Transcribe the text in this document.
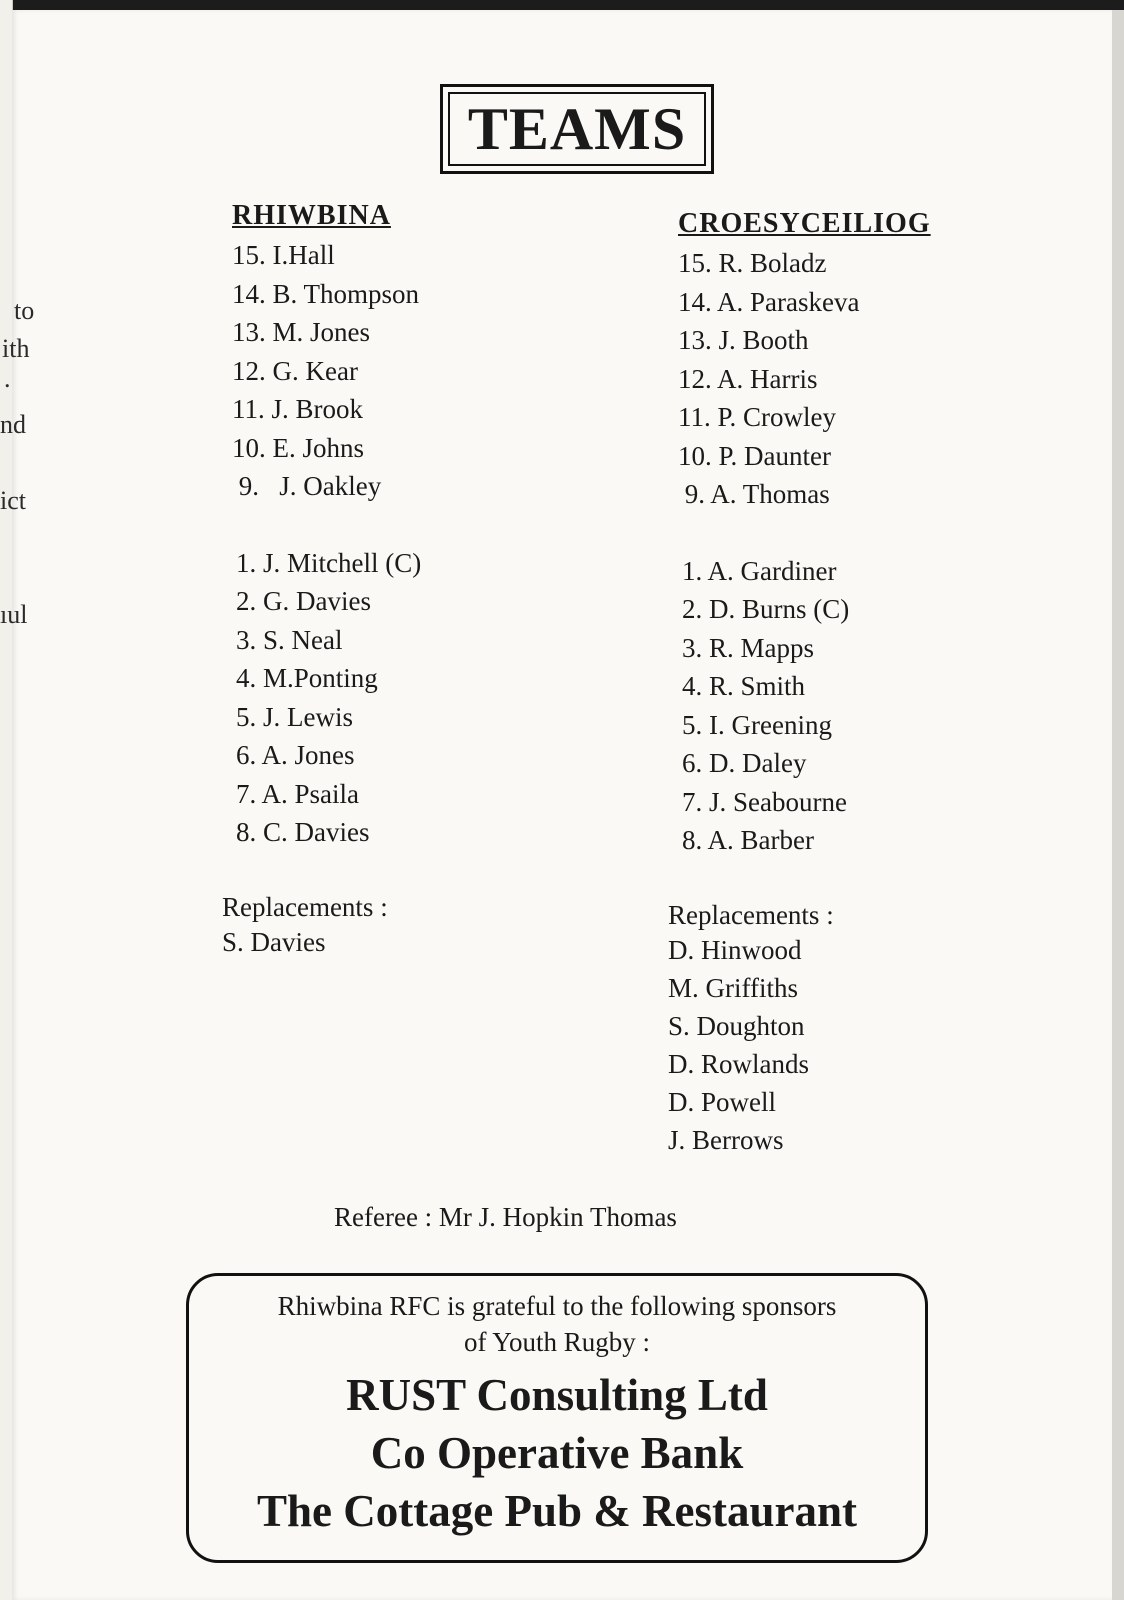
TEAMS
RHIWBINA
15. I.Hall
14. B. Thompson
13. M. Jones
12. G. Kear
11. J. Brook
10. E. Johns
9.   J. Oakley
1. J. Mitchell (C)
2. G. Davies
3. S. Neal
4. M.Ponting
5. J. Lewis
6. A. Jones
7. A. Psaila
8. C. Davies
Replacements :
S. Davies
CROESYCEILIOG
15. R. Boladz
14. A. Paraskeva
13. J. Booth
12. A. Harris
11. P. Crowley
10. P. Daunter
9. A. Thomas
1. A. Gardiner
2. D. Burns (C)
3. R. Mapps
4. R. Smith
5. I. Greening
6. D. Daley
7. J. Seabourne
8. A. Barber
Replacements :
D. Hinwood
M. Griffiths
S. Doughton
D. Rowlands
D. Powell
J. Berrows
Referee : Mr J. Hopkin Thomas
Rhiwbina RFC is grateful to the following sponsors
of Youth Rugby :
RUST Consulting Ltd
Co Operative Bank
The Cottage Pub & Restaurant
to
ith
.
nd
ict
ıul
